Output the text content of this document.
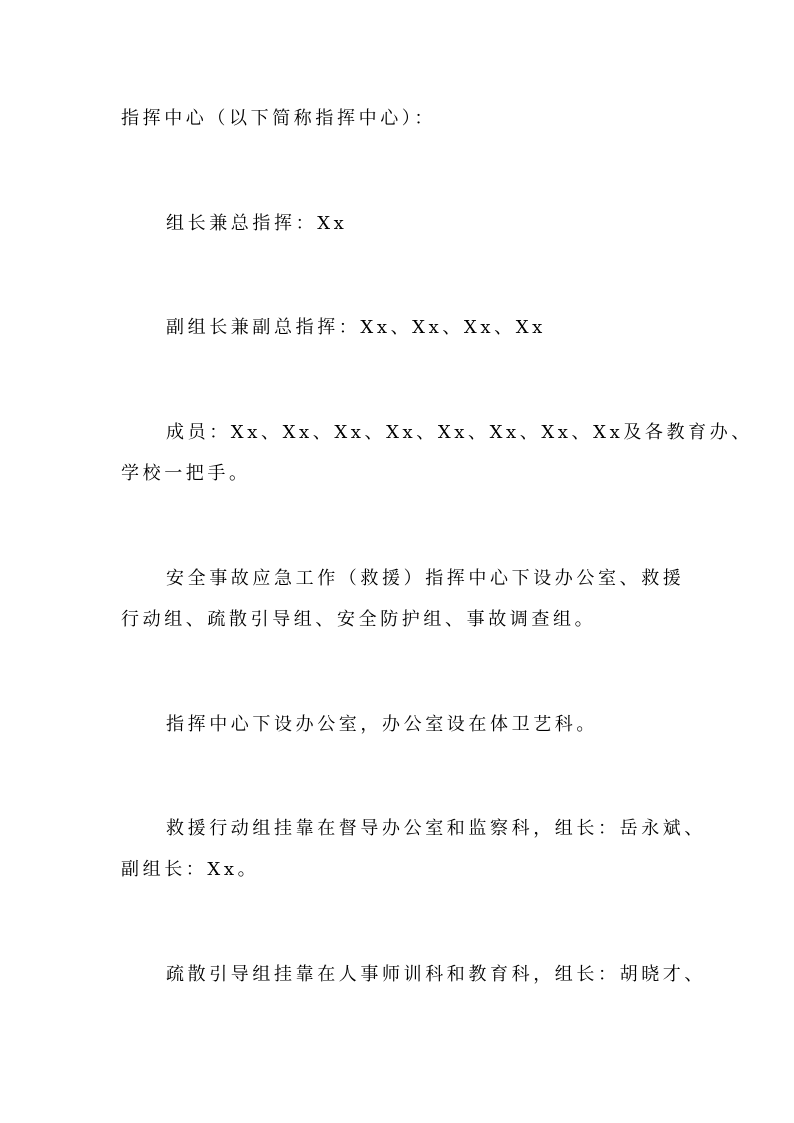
指挥中心（以下简称指挥中心）：
组长兼总指挥：Xx
副组长兼副总指挥：Xx、Xx、Xx、Xx
成员：Xx、Xx、Xx、Xx、Xx、Xx、Xx、Xx及各教育办、
学校一把手。
安全事故应急工作（救援）指挥中心下设办公室、救援
行动组、疏散引导组、安全防护组、事故调查组。
指挥中心下设办公室，办公室设在体卫艺科。
救援行动组挂靠在督导办公室和监察科，组长：岳永斌、
副组长：Xx。
疏散引导组挂靠在人事师训科和教育科，组长：胡晓才、
